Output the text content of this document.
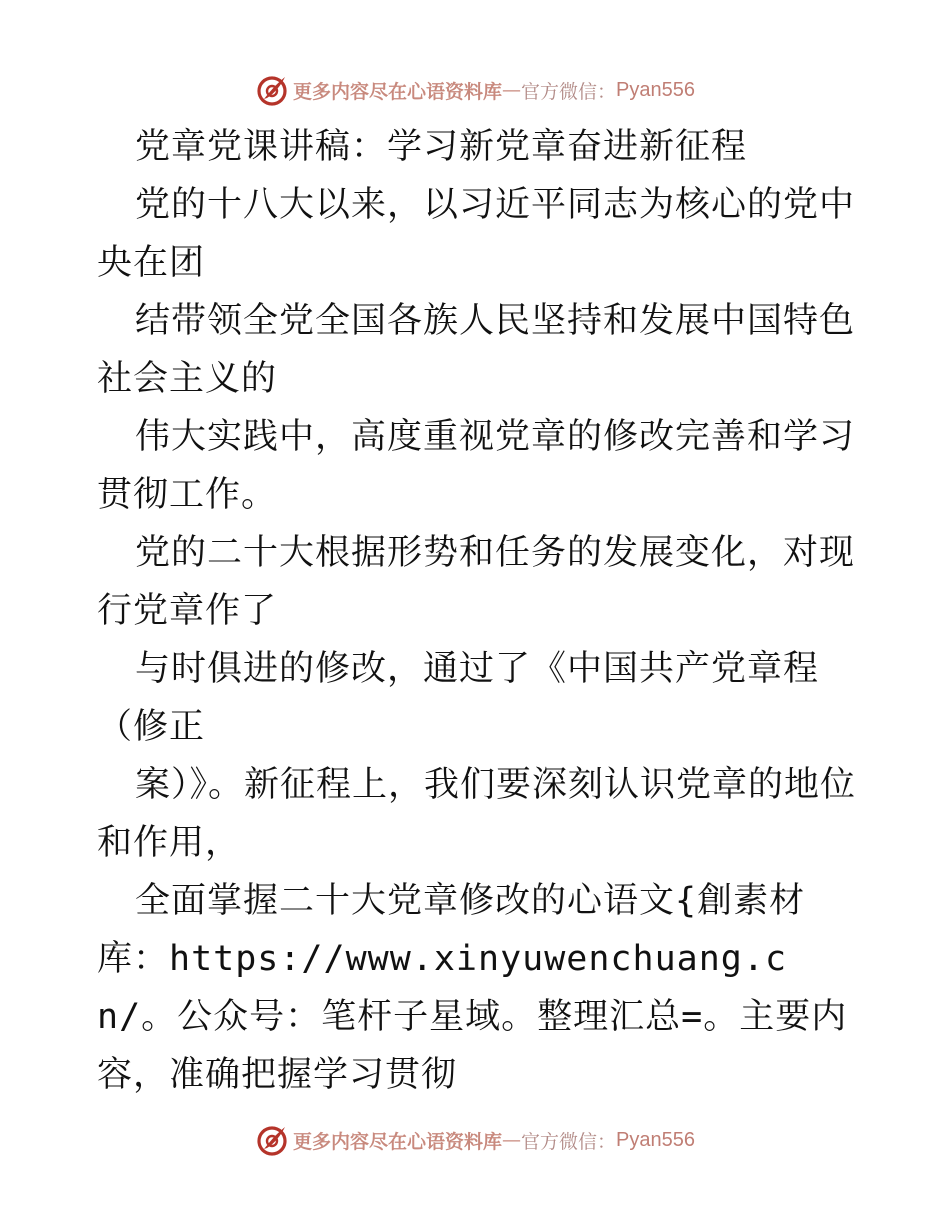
更多内容尽在心语资料库 — 官方微信： Pyan556

党章党课讲稿：学习新党章奋进新征程

党的十八大以来，以习近平同志为核心的党中央在团

结带领全党全国各族人民坚持和发展中国特色社会主义的

伟大实践中，高度重视党章的修改完善和学习贯彻工作。

党的二十大根据形势和任务的发展变化，对现行党章作了

与时俱进的修改，通过了《中国共产党章程（修正

案）》。新征程上，我们要深刻认识党章的地位和作用，

全面掌握二十大党章修改的心语文{創素材库：https://www.xinyuwenchuang.cn/。公众号：笔杆子星域。整理汇总=。主要内容，准确把握学习贯彻

更多内容尽在心语资料库 — 官方微信： Pyan556
